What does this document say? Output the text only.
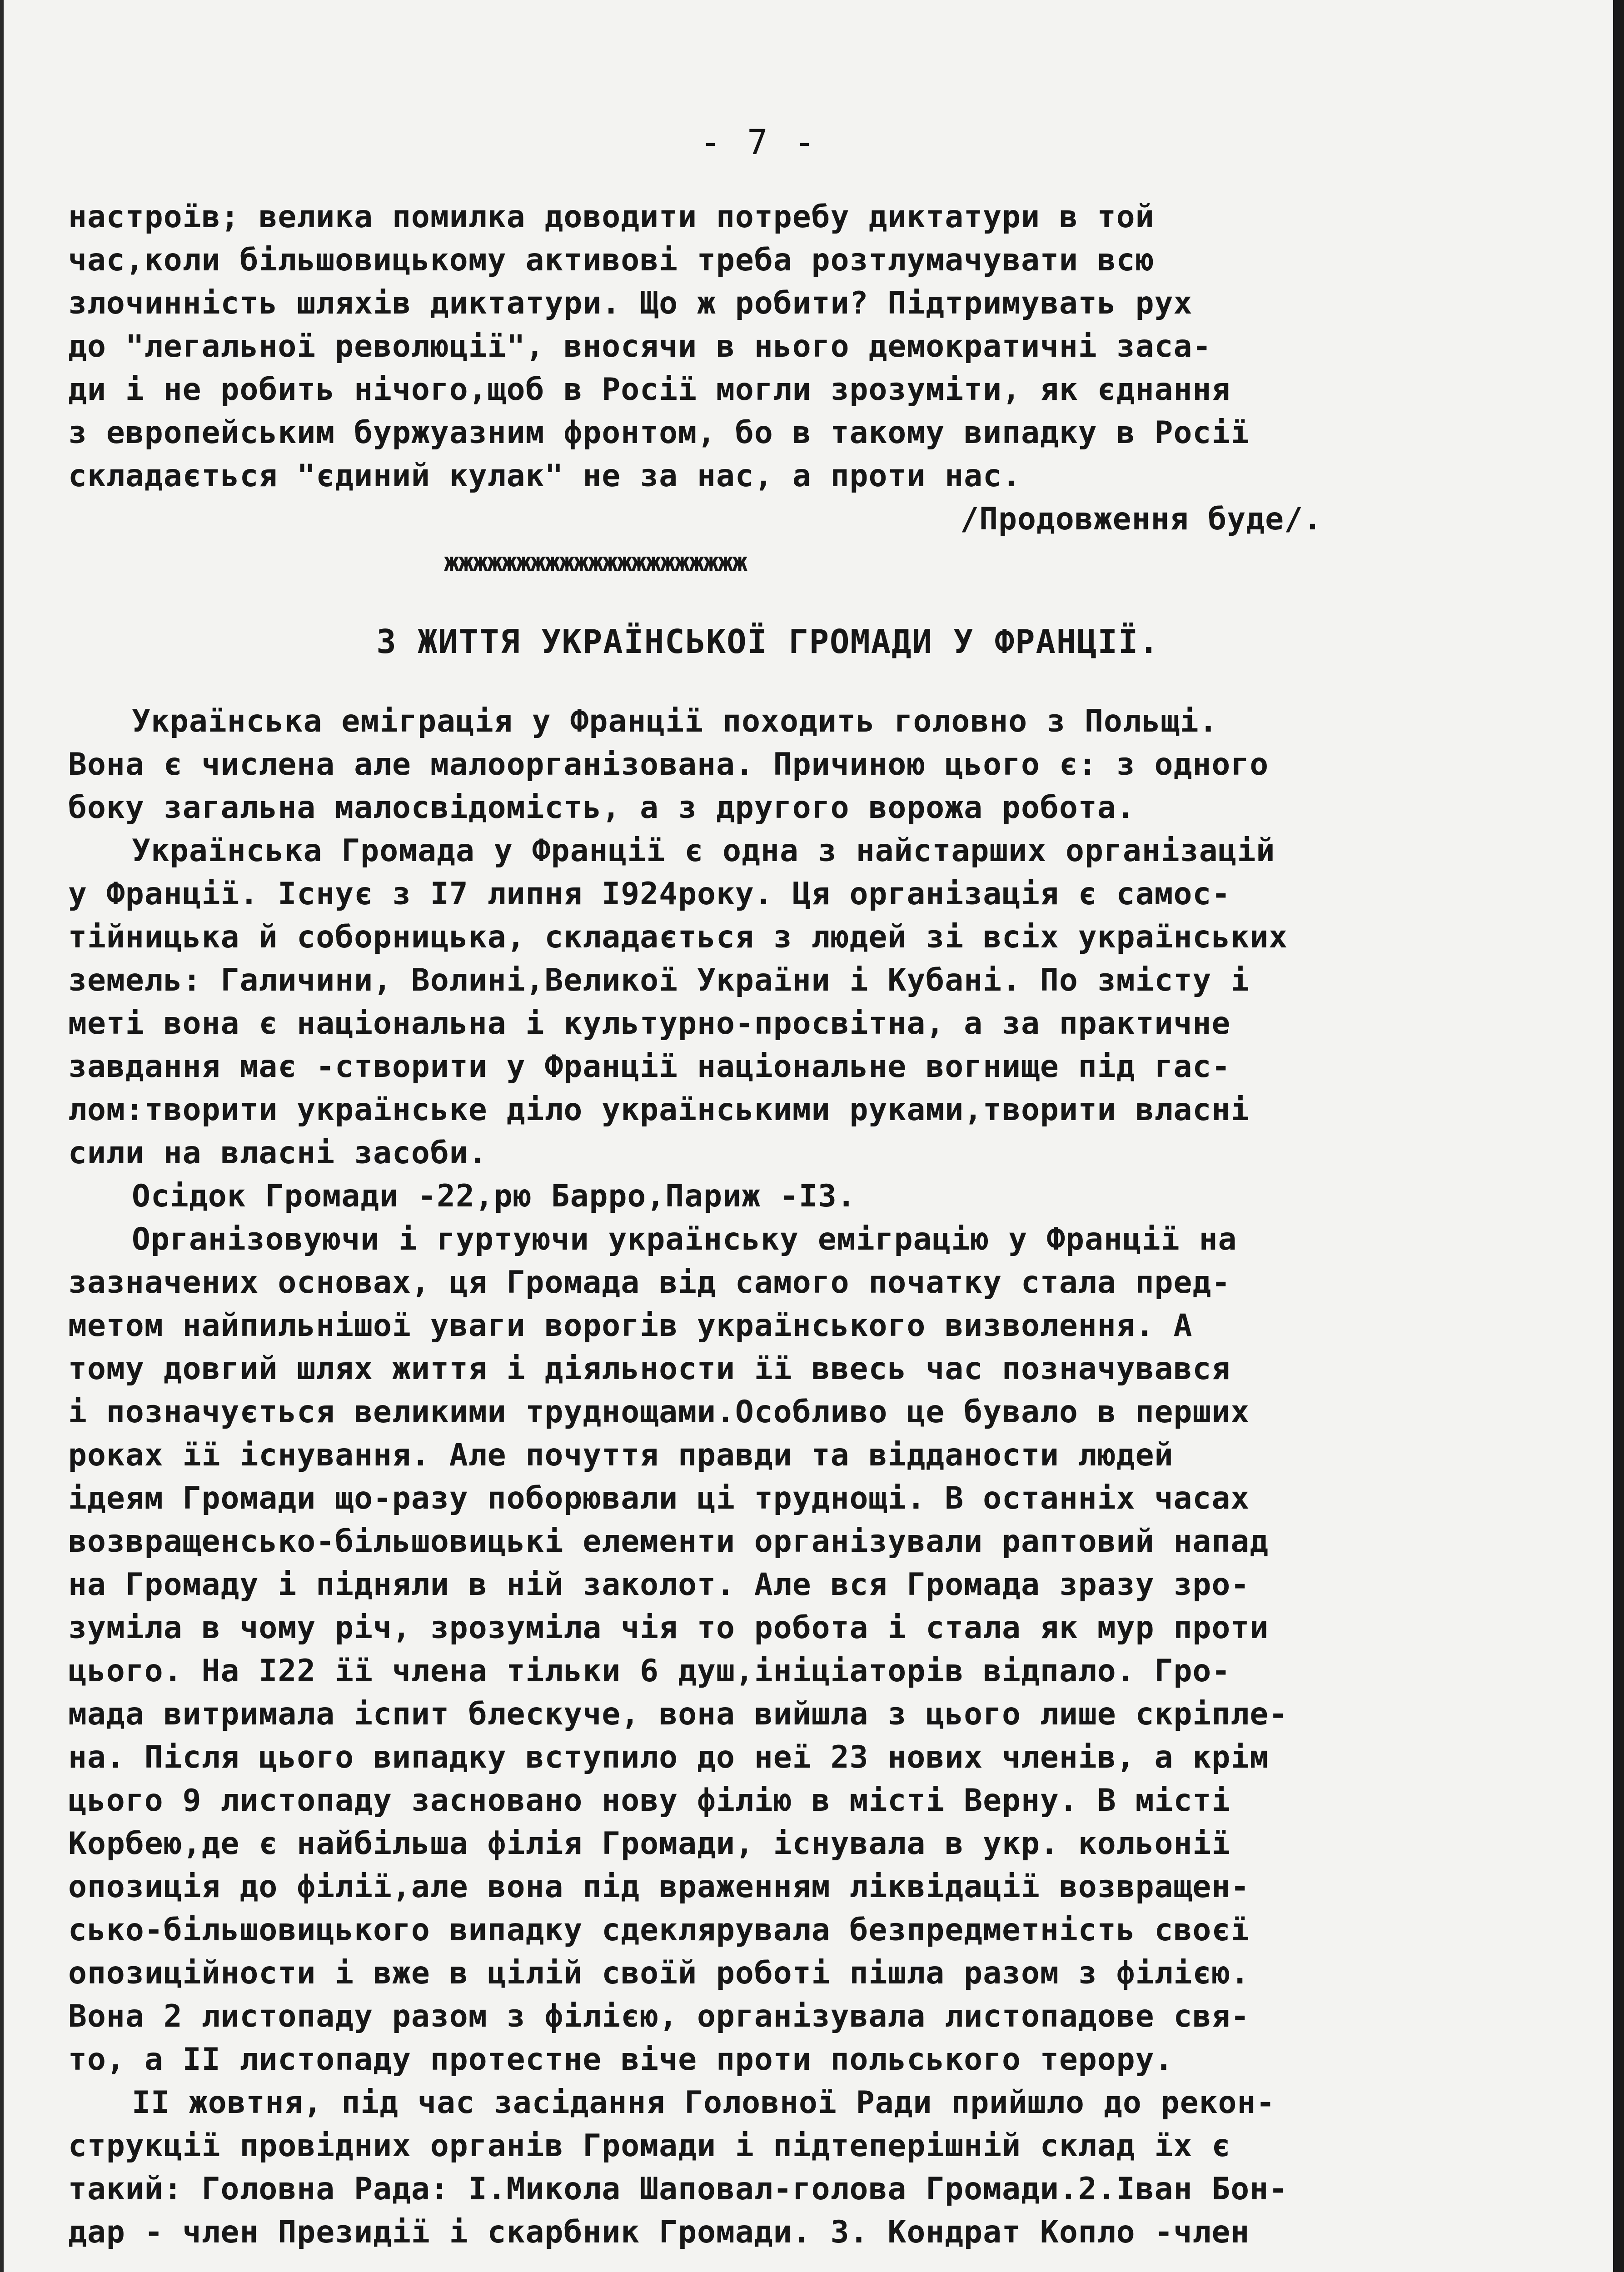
- 7 -
настроїв; велика помилка доводити потребу диктатури в той
час,коли більшовицькому активові треба розтлумачувати всю
злочинність шляхів диктатури. Що ж робити? Підтримувать рух
до "легальної революції", вносячи в нього демократичні заса-
ди і не робить нічого,щоб в Росії могли зрозуміти, як єднання
з европейським буржуазним фронтом, бо в такому випадку в Росії
складається "єдиний кулак" не за нас, а проти нас.
/Продовження буде/.
жжжжжжжжжжжжжжжжжжжжж
З ЖИТТЯ УКРАЇНСЬКОЇ ГРОМАДИ У ФРАНЦІЇ.
Українська еміграція у Франції походить головно з Польщі.
Вона є числена але малоорганізована. Причиною цього є: з одного
боку загальна малосвідомість, а з другого ворожа робота.
Українська Громада у Франції є одна з найстарших організацій
у Франції. Існує з І7 липня І924року. Ця організація є самос-
тійницька й соборницька, складається з людей зі всіх українських
земель: Галичини, Волині,Великої України і Кубані. По змісту і
меті вона є національна і культурно-просвітна, а за практичне
завдання має -створити у Франції національне вогнище під гас-
лом:творити українське діло українськими руками,творити власні
сили на власні засоби.
Осідок Громади -22,рю Барро,Париж -ІЗ.
Організовуючи і гуртуючи українську еміграцію у Франції на
зазначених основах, ця Громада від самого початку стала пред-
метом найпильнішої уваги ворогів українського визволення. А
тому довгий шлях життя і діяльности її ввесь час позначувався
і позначується великими труднощами.Особливо це бувало в перших
роках її існування. Але почуття правди та відданости людей
ідеям Громади що-разу поборювали ці труднощі. В останніх часах
возвращенсько-більшовицькі елементи організували раптовий напад
на Громаду і підняли в ній заколот. Але вся Громада зразу зро-
зуміла в чому річ, зрозуміла чія то робота і стала як мур проти
цього. На І22 її члена тільки 6 душ,ініціаторів відпало. Гро-
мада витримала іспит блескуче, вона вийшла з цього лише скріпле-
на. Після цього випадку вступило до неї 23 нових членів, а крім
цього 9 листопаду засновано нову філію в місті Верну. В місті
Корбею,де є найбільша філія Громади, існувала в укр. кольонії
опозиція до філії,але вона під враженням ліквідації возвращен-
сько-більшовицького випадку сдеклярувала безпредметність своєї
опозиційности і вже в цілій своїй роботі пішла разом з філією.
Вона 2 листопаду разом з філією, організувала листопадове свя-
то, а ІІ листопаду протестне віче проти польського терору.
ІІ жовтня, під час засідання Головної Ради прийшло до рекон-
струкції провідних органів Громади і підтеперішній склад їх є
такий: Головна Рада: І.Микола Шаповал-голова Громади.2.Іван Бон-
дар - член Президії і скарбник Громади. 3. Кондрат Копло -член
